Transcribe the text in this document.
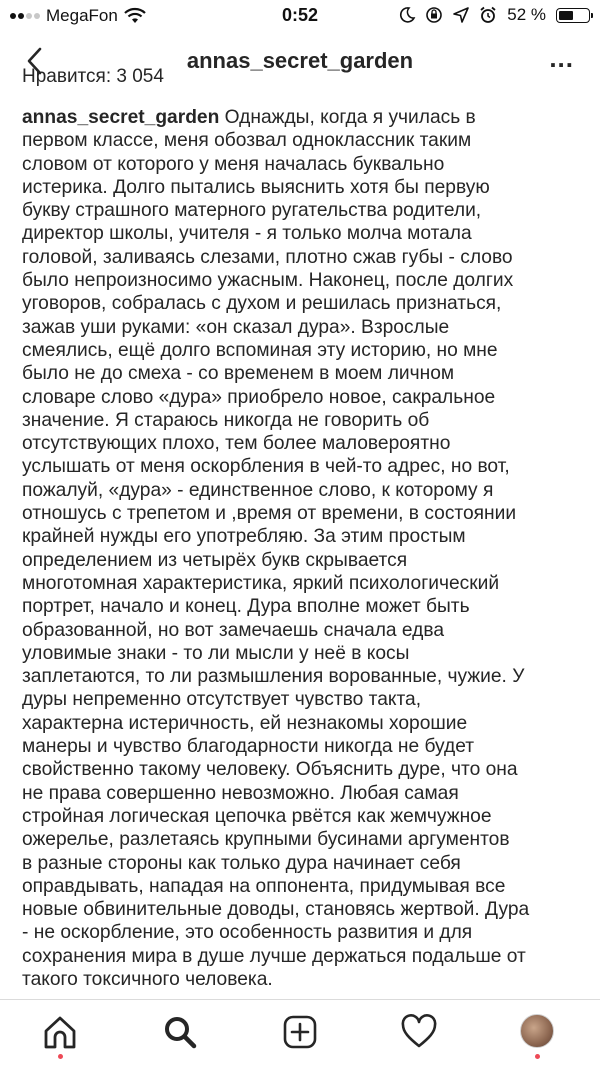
MegaFon	0:52	52 %
annas_secret_garden	...
Нравится: 3 054
annas_secret_garden Однажды, когда я училась в
первом классе, меня обозвал одноклассник таким
словом от которого у меня началась буквально
истерика. Долго пытались выяснить хотя бы первую
букву страшного матерного ругательства родители,
директор школы, учителя - я только молча мотала
головой, заливаясь слезами, плотно сжав губы - слово
было непроизносимо ужасным. Наконец, после долгих
уговоров, собралась с духом и решилась признаться,
зажав уши руками: «он сказал дура». Взрослые
смеялись, ещё долго вспоминая эту историю, но мне
было не до смеха - со временем в моем личном
словаре слово «дура» приобрело новое, сакральное
значение. Я стараюсь никогда не говорить об
отсутствующих плохо, тем более маловероятно
услышать от меня оскорбления в чей-то адрес, но вот,
пожалуй, «дура» - единственное слово, к которому я
отношусь с трепетом и ,время от времени, в состоянии
крайней нужды его употребляю. За этим простым
определением из четырёх букв скрывается
многотомная характеристика, яркий психологический
портрет, начало и конец. Дура вполне может быть
образованной, но вот замечаешь сначала едва
уловимые знаки - то ли мысли у неё в косы
заплетаются, то ли размышления ворованные, чужие. У
дуры непременно отсутствует чувство такта,
характерна истеричность, ей незнакомы хорошие
манеры и чувство благодарности никогда не будет
свойственно такому человеку. Объяснить дуре, что она
не права совершенно невозможно. Любая самая
стройная логическая цепочка рвётся как жемчужное
ожерелье, разлетаясь крупными бусинами аргументов
в разные стороны как только дура начинает себя
оправдывать, нападая на оппонента, придумывая все
новые обвинительные доводы, становясь жертвой. Дура
- не оскорбление, это особенность развития и для
сохранения мира в душе лучше держаться подальше от
такого токсичного человека.
